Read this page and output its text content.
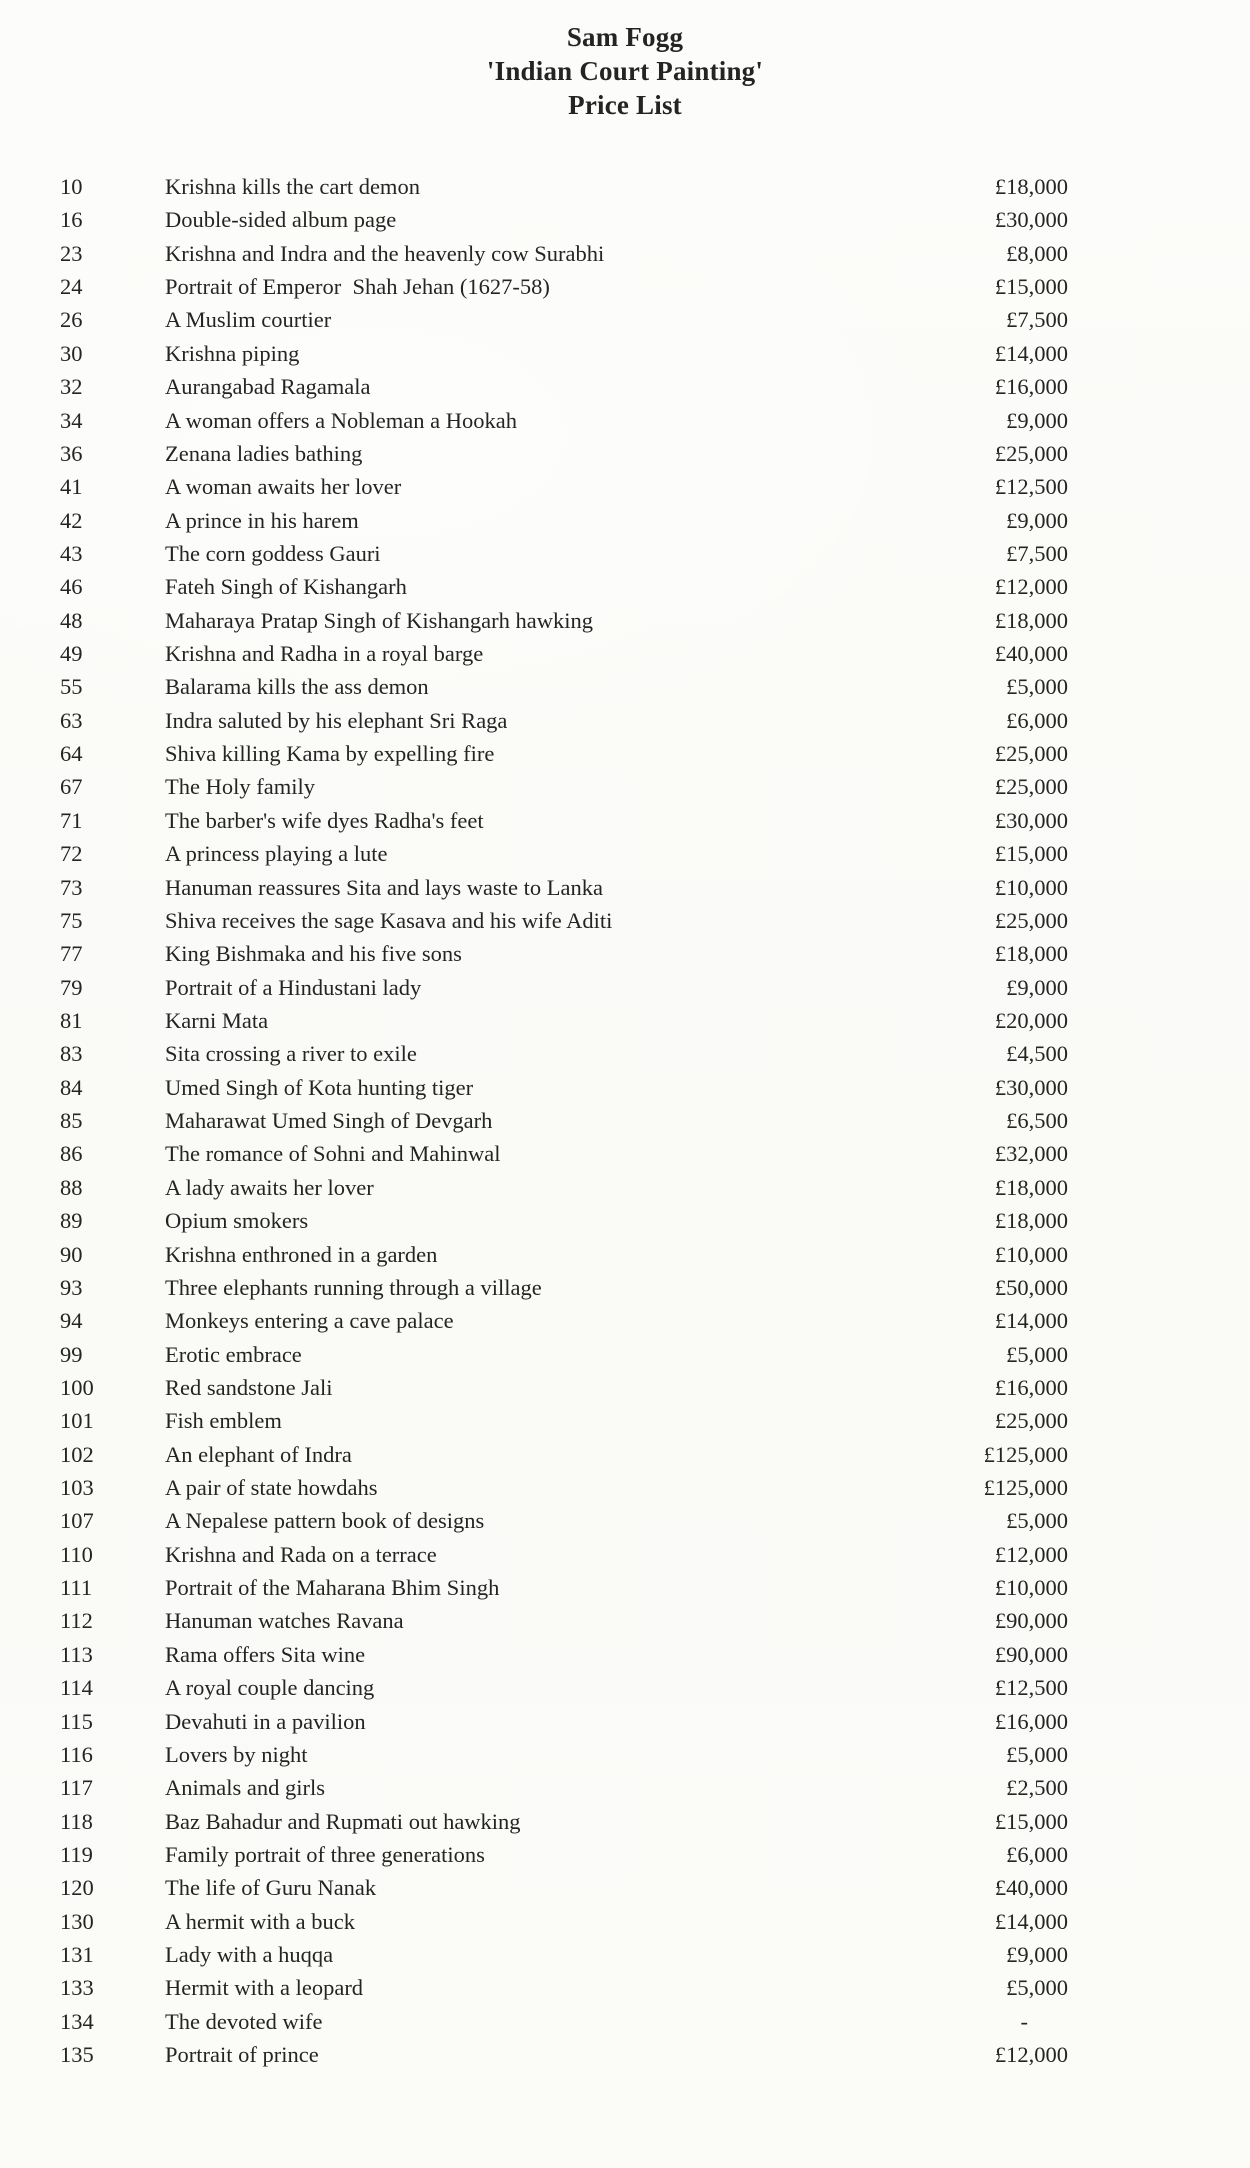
Sam Fogg
'Indian Court Painting'
Price List
10	Krishna kills the cart demon	£18,000
16	Double-sided album page	£30,000
23	Krishna and Indra and the heavenly cow Surabhi	£8,000
24	Portrait of Emperor  Shah Jehan (1627-58)	£15,000
26	A Muslim courtier	£7,500
30	Krishna piping	£14,000
32	Aurangabad Ragamala	£16,000
34	A woman offers a Nobleman a Hookah	£9,000
36	Zenana ladies bathing	£25,000
41	A woman awaits her lover	£12,500
42	A prince in his harem	£9,000
43	The corn goddess Gauri	£7,500
46	Fateh Singh of Kishangarh	£12,000
48	Maharaya Pratap Singh of Kishangarh hawking	£18,000
49	Krishna and Radha in a royal barge	£40,000
55	Balarama kills the ass demon	£5,000
63	Indra saluted by his elephant Sri Raga	£6,000
64	Shiva killing Kama by expelling fire	£25,000
67	The Holy family	£25,000
71	The barber's wife dyes Radha's feet	£30,000
72	A princess playing a lute	£15,000
73	Hanuman reassures Sita and lays waste to Lanka	£10,000
75	Shiva receives the sage Kasava and his wife Aditi	£25,000
77	King Bishmaka and his five sons	£18,000
79	Portrait of a Hindustani lady	£9,000
81	Karni Mata	£20,000
83	Sita crossing a river to exile	£4,500
84	Umed Singh of Kota hunting tiger	£30,000
85	Maharawat Umed Singh of Devgarh	£6,500
86	The romance of Sohni and Mahinwal	£32,000
88	A lady awaits her lover	£18,000
89	Opium smokers	£18,000
90	Krishna enthroned in a garden	£10,000
93	Three elephants running through a village	£50,000
94	Monkeys entering a cave palace	£14,000
99	Erotic embrace	£5,000
100	Red sandstone Jali	£16,000
101	Fish emblem	£25,000
102	An elephant of Indra	£125,000
103	A pair of state howdahs	£125,000
107	A Nepalese pattern book of designs	£5,000
110	Krishna and Rada on a terrace	£12,000
111	Portrait of the Maharana Bhim Singh	£10,000
112	Hanuman watches Ravana	£90,000
113	Rama offers Sita wine	£90,000
114	A royal couple dancing	£12,500
115	Devahuti in a pavilion	£16,000
116	Lovers by night	£5,000
117	Animals and girls	£2,500
118	Baz Bahadur and Rupmati out hawking	£15,000
119	Family portrait of three generations	£6,000
120	The life of Guru Nanak	£40,000
130	A hermit with a buck	£14,000
131	Lady with a huqqa	£9,000
133	Hermit with a leopard	£5,000
134	The devoted wife	-
135	Portrait of prince	£12,000
